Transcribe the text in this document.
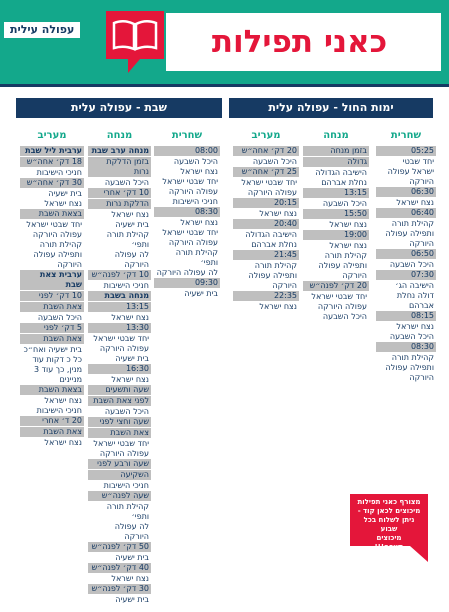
עפולה עילית	כאני תפילות
ימות החול - עפולה עלית
שבת - עפולה עלית
שחרית
05:25
יחד שבטי
ישראל עפולה
היורקה
06:30
נצח ישראל
06:40
קהילת תורה
ותפילה עפולה
היורקה
06:50
היכל השבעה
07:30
הישיבה הג׳
דולה נחלת
אברהם
08:15
נצח ישראל
היכל השבעה
08:30
קהילת תורה
ותפילה עפולה
היורקה
מנחה
בזמן מנחה
גדולה
הישיבה הגדולה
נחלת אברהם
13:15
היכל השבעה
15:50
נצח ישראל
19:00
נצח ישראל
קהילת תורה
ותפילה עפולה
היורקה
20 דק׳ לפנה״ש
יחד שבטי ישראל
עפולה היורקה
היכל השבעה
מעריב
20 דק׳ אחה״ש
היכל השבעה
25 דק׳ אחה״ש
יחד שבטי ישראל
עפולה היורקה
20:15
נצח ישראל
20:40
הישיבה הגדולה
נחלת אברהם
21:45
קהילת תורה
ותפילה עפולה
היורקה
22:35
נצח ישראל
שחרית
08:00
היכל השבעה
נצח ישראל
יחד שבטי ישראל
עפולה היורקה
חניכי הישיבות
08:30
נצח ישראל
יחד שבטי ישראל
עפולה היורקה
קהילת תורה ותפי׳
לה עפולה היורקה
09:30
בית ישעיה
מנחה
מנחה ערב שבת
בזמן הדלקת נרות
היכל השבעה
10 דק׳ אחרי
הדלקת נרות
נצח ישראל
בית ישעיה
קהילת תורה ותפי׳
לה עפולה היורקה
10 דק׳ לפנה״ש
חניכי הישיבות
מנחה בשבת
13:15
נצח ישראל
13:30
יחד שבטי ישראל
עפולה היורקה
בית ישעיה
16:30
נצח ישראל
שעה ותשעים
לפני צאת השבת
היכל השבעה
שעה וחצי לפני
צאת השבת
יחד שבטי ישראל
עפולה היורקה
שעה ורבע לפני
השקיעה
חניכי הישיבות
שעה לפנה״ש
קהילת תורה ותפי׳
לה עפולה היורקה
50 דק׳ לפנה״ש
בית ישעיה
40 דק׳ לפנה״ש
נצח ישראל
30 דק׳ לפנה״ש
בית ישעיה
מעריב
ערבית ליל שבת
18 דק׳ אחה״ש
חניכי הישיבות
30 דק׳ אחה״ש
בית ישעיה
נצח ישראל
בצאת השבת
יחד שבטי ישראל
עפולה היורקה
קהילת תורה
ותפילה עפולה
היורקה
ערבית צאת שבת
10 דק׳ לפני
צאת השבת
היכל השבעה
5 דק׳ לפני
צאת השבת
בית ישעיה ואח״כ
כל כ דקות עוד
מנין, כך עוד 3
מניינים
בצאת השבת
נצח ישראל
חניכי הישיבות
20 ד׳ אחרי
צאת השבת
נצח ישראל
מצורף כאני תפילות
מיכוצים לכאן קוד -
ניתן לשלוח בכל שבוע
מיכוצים
תשפה!!!
